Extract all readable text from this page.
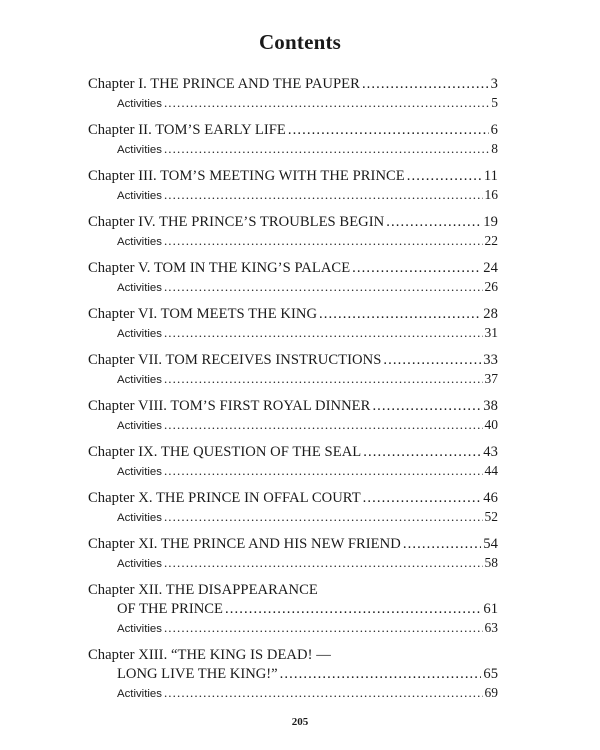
Contents
Chapter I. THE PRINCE AND THE PAUPER .....	3
Activities .....	5
Chapter II. TOM’S EARLY LIFE .....	6
Activities .....	8
Chapter III. TOM’S MEETING WITH THE PRINCE .....	11
Activities .....	16
Chapter IV. THE PRINCE’S TROUBLES BEGIN .....	19
Activities .....	22
Chapter V. TOM IN THE KING’S PALACE .....	24
Activities .....	26
Chapter VI. TOM MEETS THE KING .....	28
Activities .....	31
Chapter VII. TOM RECEIVES INSTRUCTIONS .....	33
Activities .....	37
Chapter VIII. TOM’S FIRST ROYAL DINNER .....	38
Activities .....	40
Chapter IX. THE QUESTION OF THE SEAL .....	43
Activities .....	44
Chapter X. THE PRINCE IN OFFAL COURT .....	46
Activities .....	52
Chapter XI. THE PRINCE AND HIS NEW FRIEND .....	54
Activities .....	58
Chapter XII. THE DISAPPEARANCE
OF THE PRINCE .....	61
Activities .....	63
Chapter XIII. “THE KING IS DEAD! —
LONG LIVE THE KING!” .....	65
Activities .....	69
205
